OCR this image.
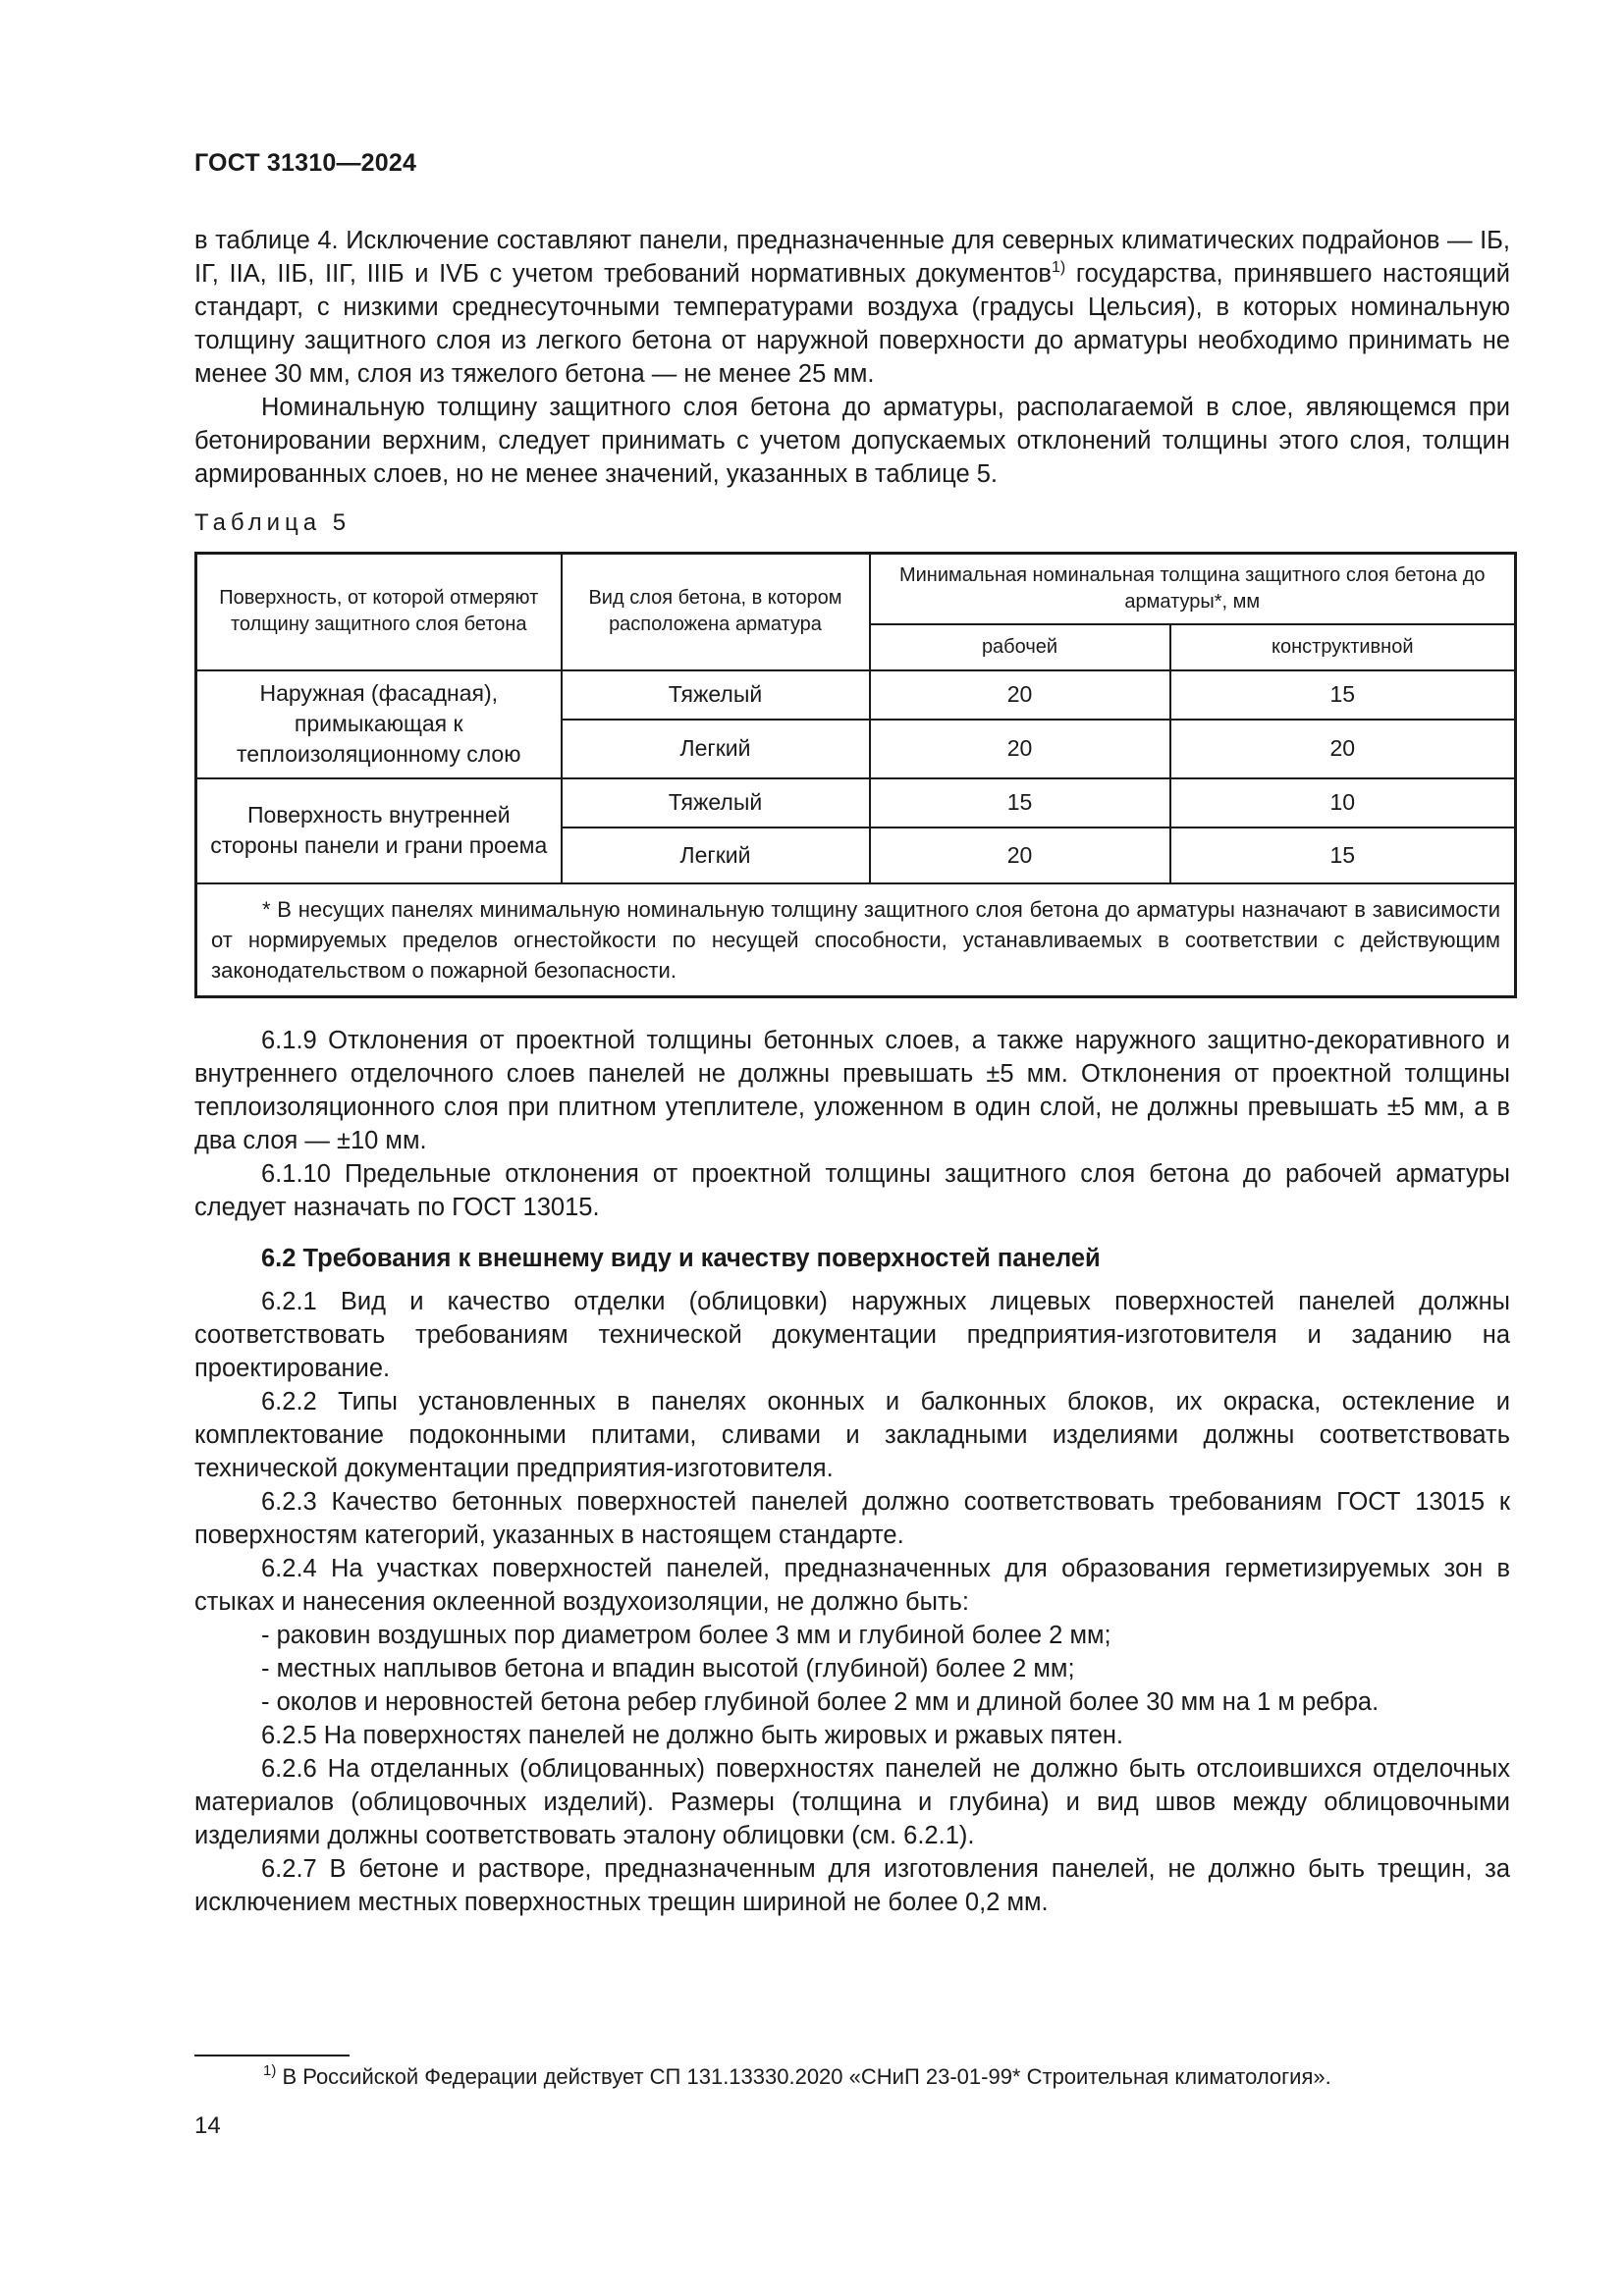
ГОСТ 31310—2024

в таблице 4. Исключение составляют панели, предназначенные для северных климатических подрайонов — IБ, IГ, IIА, IIБ, IIГ, IIIБ и IVБ с учетом требований нормативных документов$^{1)}$ государства, принявшего настоящий стандарт, с низкими среднесуточными температурами воздуха (градусы Цельсия), в которых номинальную толщину защитного слоя из легкого бетона от наружной поверхности до арматуры необходимо принимать не менее 30 мм, слоя из тяжелого бетона — не менее 25 мм.

Номинальную толщину защитного слоя бетона до арматуры, располагаемой в слое, являющемся при бетонировании верхним, следует принимать с учетом допускаемых отклонений толщины этого слоя, толщин армированных слоев, но не менее значений, указанных в таблице 5.

Таблица 5
Поверхность, от которой отмеряют толщину защитного слоя бетона	Вид слоя бетона, в котором расположена арматура	Минимальная номинальная толщина защитного слоя бетона до арматуры*, мм	
		рабочей	конструктивной
Наружная (фасадная), примыкающая к теплоизоляционному слою	Тяжелый	20	15
	Легкий	20	20
Поверхность внутренней стороны панели и грани проема	Тяжелый	15	10
	Легкий	20	15

* В несущих панелях минимальную номинальную толщину защитного слоя бетона до арматуры назначают в зависимости от нормируемых пределов огнестойкости по несущей способности, устанавливаемых в соответствии с действующим законодательством о пожарной безопасности.			

6.1.9 Отклонения от проектной толщины бетонных слоев, а также наружного защитно-декоративного и внутреннего отделочного слоев панелей не должны превышать ±5 мм. Отклонения от проектной толщины теплоизоляционного слоя при плитном утеплителе, уложенном в один слой, не должны превышать ±5 мм, а в два слоя — ±10 мм.

6.1.10 Предельные отклонения от проектной толщины защитного слоя бетона до рабочей арматуры следует назначать по ГОСТ 13015.

6.2 Требования к внешнему виду и качеству поверхностей панелей

6.2.1 Вид и качество отделки (облицовки) наружных лицевых поверхностей панелей должны соответствовать требованиям технической документации предприятия-изготовителя и заданию на проектирование.

6.2.2 Типы установленных в панелях оконных и балконных блоков, их окраска, остекление и комплектование подоконными плитами, сливами и закладными изделиями должны соответствовать технической документации предприятия-изготовителя.

6.2.3 Качество бетонных поверхностей панелей должно соответствовать требованиям ГОСТ 13015 к поверхностям категорий, указанных в настоящем стандарте.

6.2.4 На участках поверхностей панелей, предназначенных для образования герметизируемых зон в стыках и нанесения оклеенной воздухоизоляции, не должно быть:

- раковин воздушных пор диаметром более 3 мм и глубиной более 2 мм;

- местных наплывов бетона и впадин высотой (глубиной) более 2 мм;

- околов и неровностей бетона ребер глубиной более 2 мм и длиной более 30 мм на 1 м ребра.

6.2.5 На поверхностях панелей не должно быть жировых и ржавых пятен.

6.2.6 На отделанных (облицованных) поверхностях панелей не должно быть отслоившихся отделочных материалов (облицовочных изделий). Размеры (толщина и глубина) и вид швов между облицовочными изделиями должны соответствовать эталону облицовки (см. 6.2.1).

6.2.7 В бетоне и растворе, предназначенным для изготовления панелей, не должно быть трещин, за исключением местных поверхностных трещин шириной не более 0,2 мм.

$^{1)}$ В Российской Федерации действует СП 131.13330.2020 «СНиП 23-01-99* Строительная климатология».
14
